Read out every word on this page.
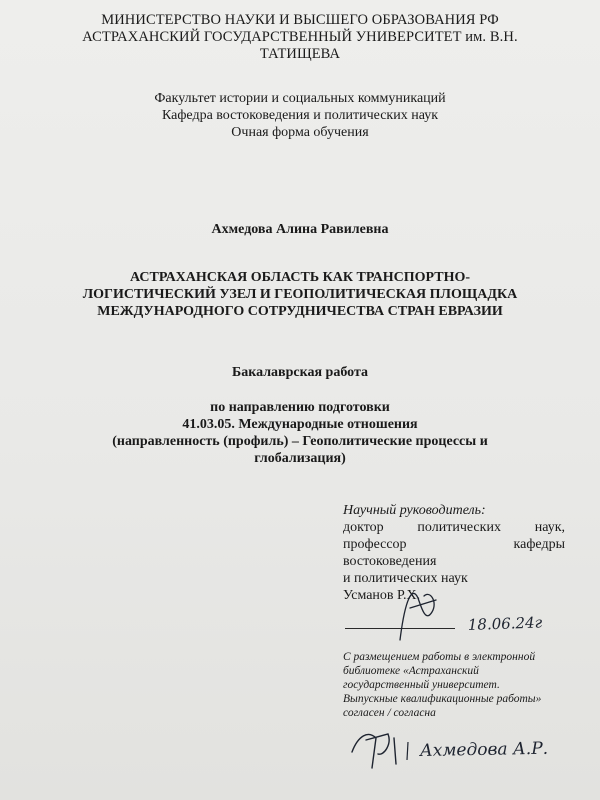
МИНИСТЕРСТВО НАУКИ И ВЫСШЕГО ОБРАЗОВАНИЯ РФ
АСТРАХАНСКИЙ ГОСУДАРСТВЕННЫЙ УНИВЕРСИТЕТ им. В.Н.
ТАТИЩЕВА
Факультет истории и социальных коммуникаций
Кафедра востоковедения и политических наук
Очная форма обучения
Ахмедова Алина Равилевна
АСТРАХАНСКАЯ ОБЛАСТЬ КАК ТРАНСПОРТНО-
ЛОГИСТИЧЕСКИЙ УЗЕЛ И ГЕОПОЛИТИЧЕСКАЯ ПЛОЩАДКА
МЕЖДУНАРОДНОГО СОТРУДНИЧЕСТВА СТРАН ЕВРАЗИИ
Бакалаврская работа
по направлению подготовки
41.03.05. Международные отношения
(направленность (профиль) – Геополитические процессы и
глобализация)
Научный руководитель:
доктор политических наук,
профессор кафедры
востоковедения
и политических наук
Усманов Р.Х.
С размещением работы в электронной
библиотеке «Астраханский
государственный университет.
Выпускные квалификационные работы»
согласен / согласна
18.06.24г
Ахмедова А.Р.
